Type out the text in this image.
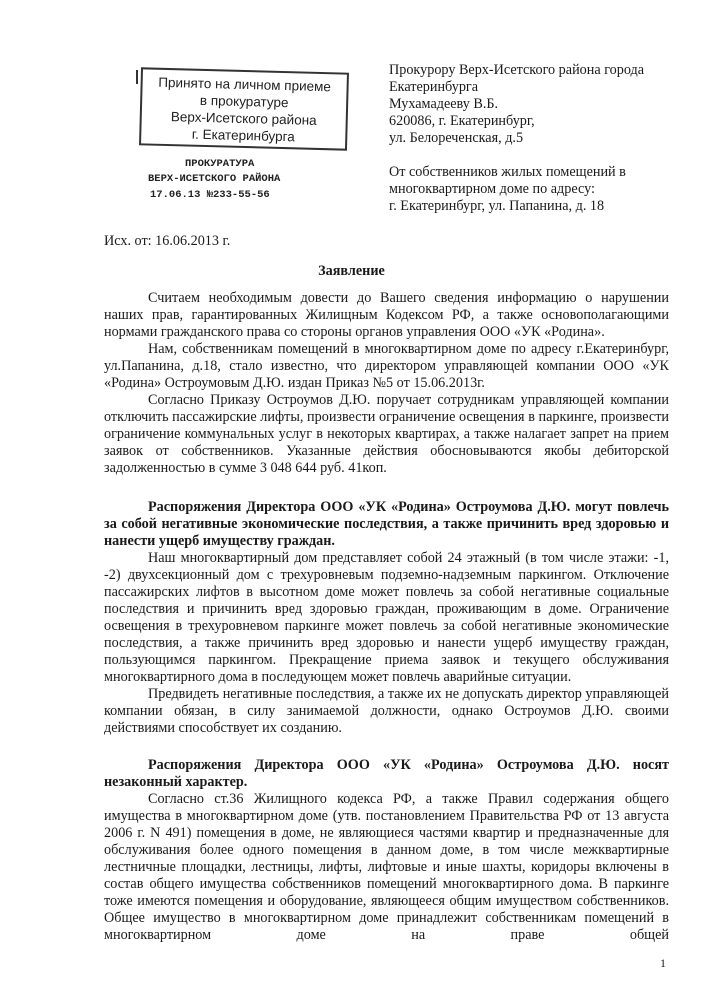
Принято на личном приеме
в прокуратуре
Верх-Исетского района
г. Екатеринбурга
ПРОКУРАТУРА
ВЕРХ-ИСЕТСКОГО РАЙОНА
17.06.13 №233-55-56
Прокурору Верх-Исетского района города
Екатеринбурга
Мухамадееву В.Б.
620086, г. Екатеринбург,
ул. Белореченская, д.5
От собственников жилых помещений в
многоквартирном доме по адресу:
г. Екатеринбург, ул. Папанина, д. 18
Исх. от: 16.06.2013 г.
Заявление

Считаем необходимым довести до Вашего сведения информацию о нарушении наших прав, гарантированных Жилищным Кодексом РФ, а также основополагающими нормами гражданского права со стороны органов управления ООО «УК «Родина».

Нам, собственникам помещений в многоквартирном доме по адресу г.Екатеринбург, ул.Папанина, д.18, стало известно, что директором управляющей компании ООО «УК «Родина» Остроумовым Д.Ю. издан Приказ №5 от 15.06.2013г.

Согласно Приказу Остроумов Д.Ю. поручает сотрудникам управляющей компании отключить пассажирские лифты, произвести ограничение освещения в паркинге, произвести ограничение коммунальных услуг в некоторых квартирах, а также налагает запрет на прием заявок от собственников. Указанные действия обосновываются якобы дебиторской задолженностью в сумме 3 048 644 руб. 41коп.

Распоряжения Директора ООО «УК «Родина» Остроумова Д.Ю. могут повлечь за собой негативные экономические последствия, а также причинить вред здоровью и нанести ущерб имуществу граждан.

Наш многоквартирный дом представляет собой 24 этажный (в том числе этажи: -1, -2) двухсекционный дом с трехуровневым подземно-надземным паркингом. Отключение пассажирских лифтов в высотном доме может повлечь за собой негативные социальные последствия и причинить вред здоровью граждан, проживающим в доме. Ограничение освещения в трехуровневом паркинге может повлечь за собой негативные экономические последствия, а также причинить вред здоровью и нанести ущерб имуществу граждан, пользующимся паркингом. Прекращение приема заявок и текущего обслуживания многоквартирного дома в последующем может повлечь аварийные ситуации.

Предвидеть негативные последствия, а также их не допускать директор управляющей компании обязан, в силу занимаемой должности, однако Остроумов Д.Ю. своими действиями способствует их созданию.

Распоряжения Директора ООО «УК «Родина» Остроумова Д.Ю. носят незаконный характер.

Согласно ст.36 Жилищного кодекса РФ, а также Правил содержания общего имущества в многоквартирном доме (утв. постановлением Правительства РФ от 13 августа 2006 г. N 491) помещения в доме, не являющиеся частями квартир и предназначенные для обслуживания более одного помещения в данном доме, в том числе межквартирные лестничные площадки, лестницы, лифты, лифтовые и иные шахты, коридоры включены в состав общего имущества собственников помещений многоквартирного дома. В паркинге тоже имеются помещения и оборудование, являющееся общим имуществом собственников. Общее имущество в многоквартирном доме принадлежит собственникам помещений в многоквартирном доме на праве общей

1
